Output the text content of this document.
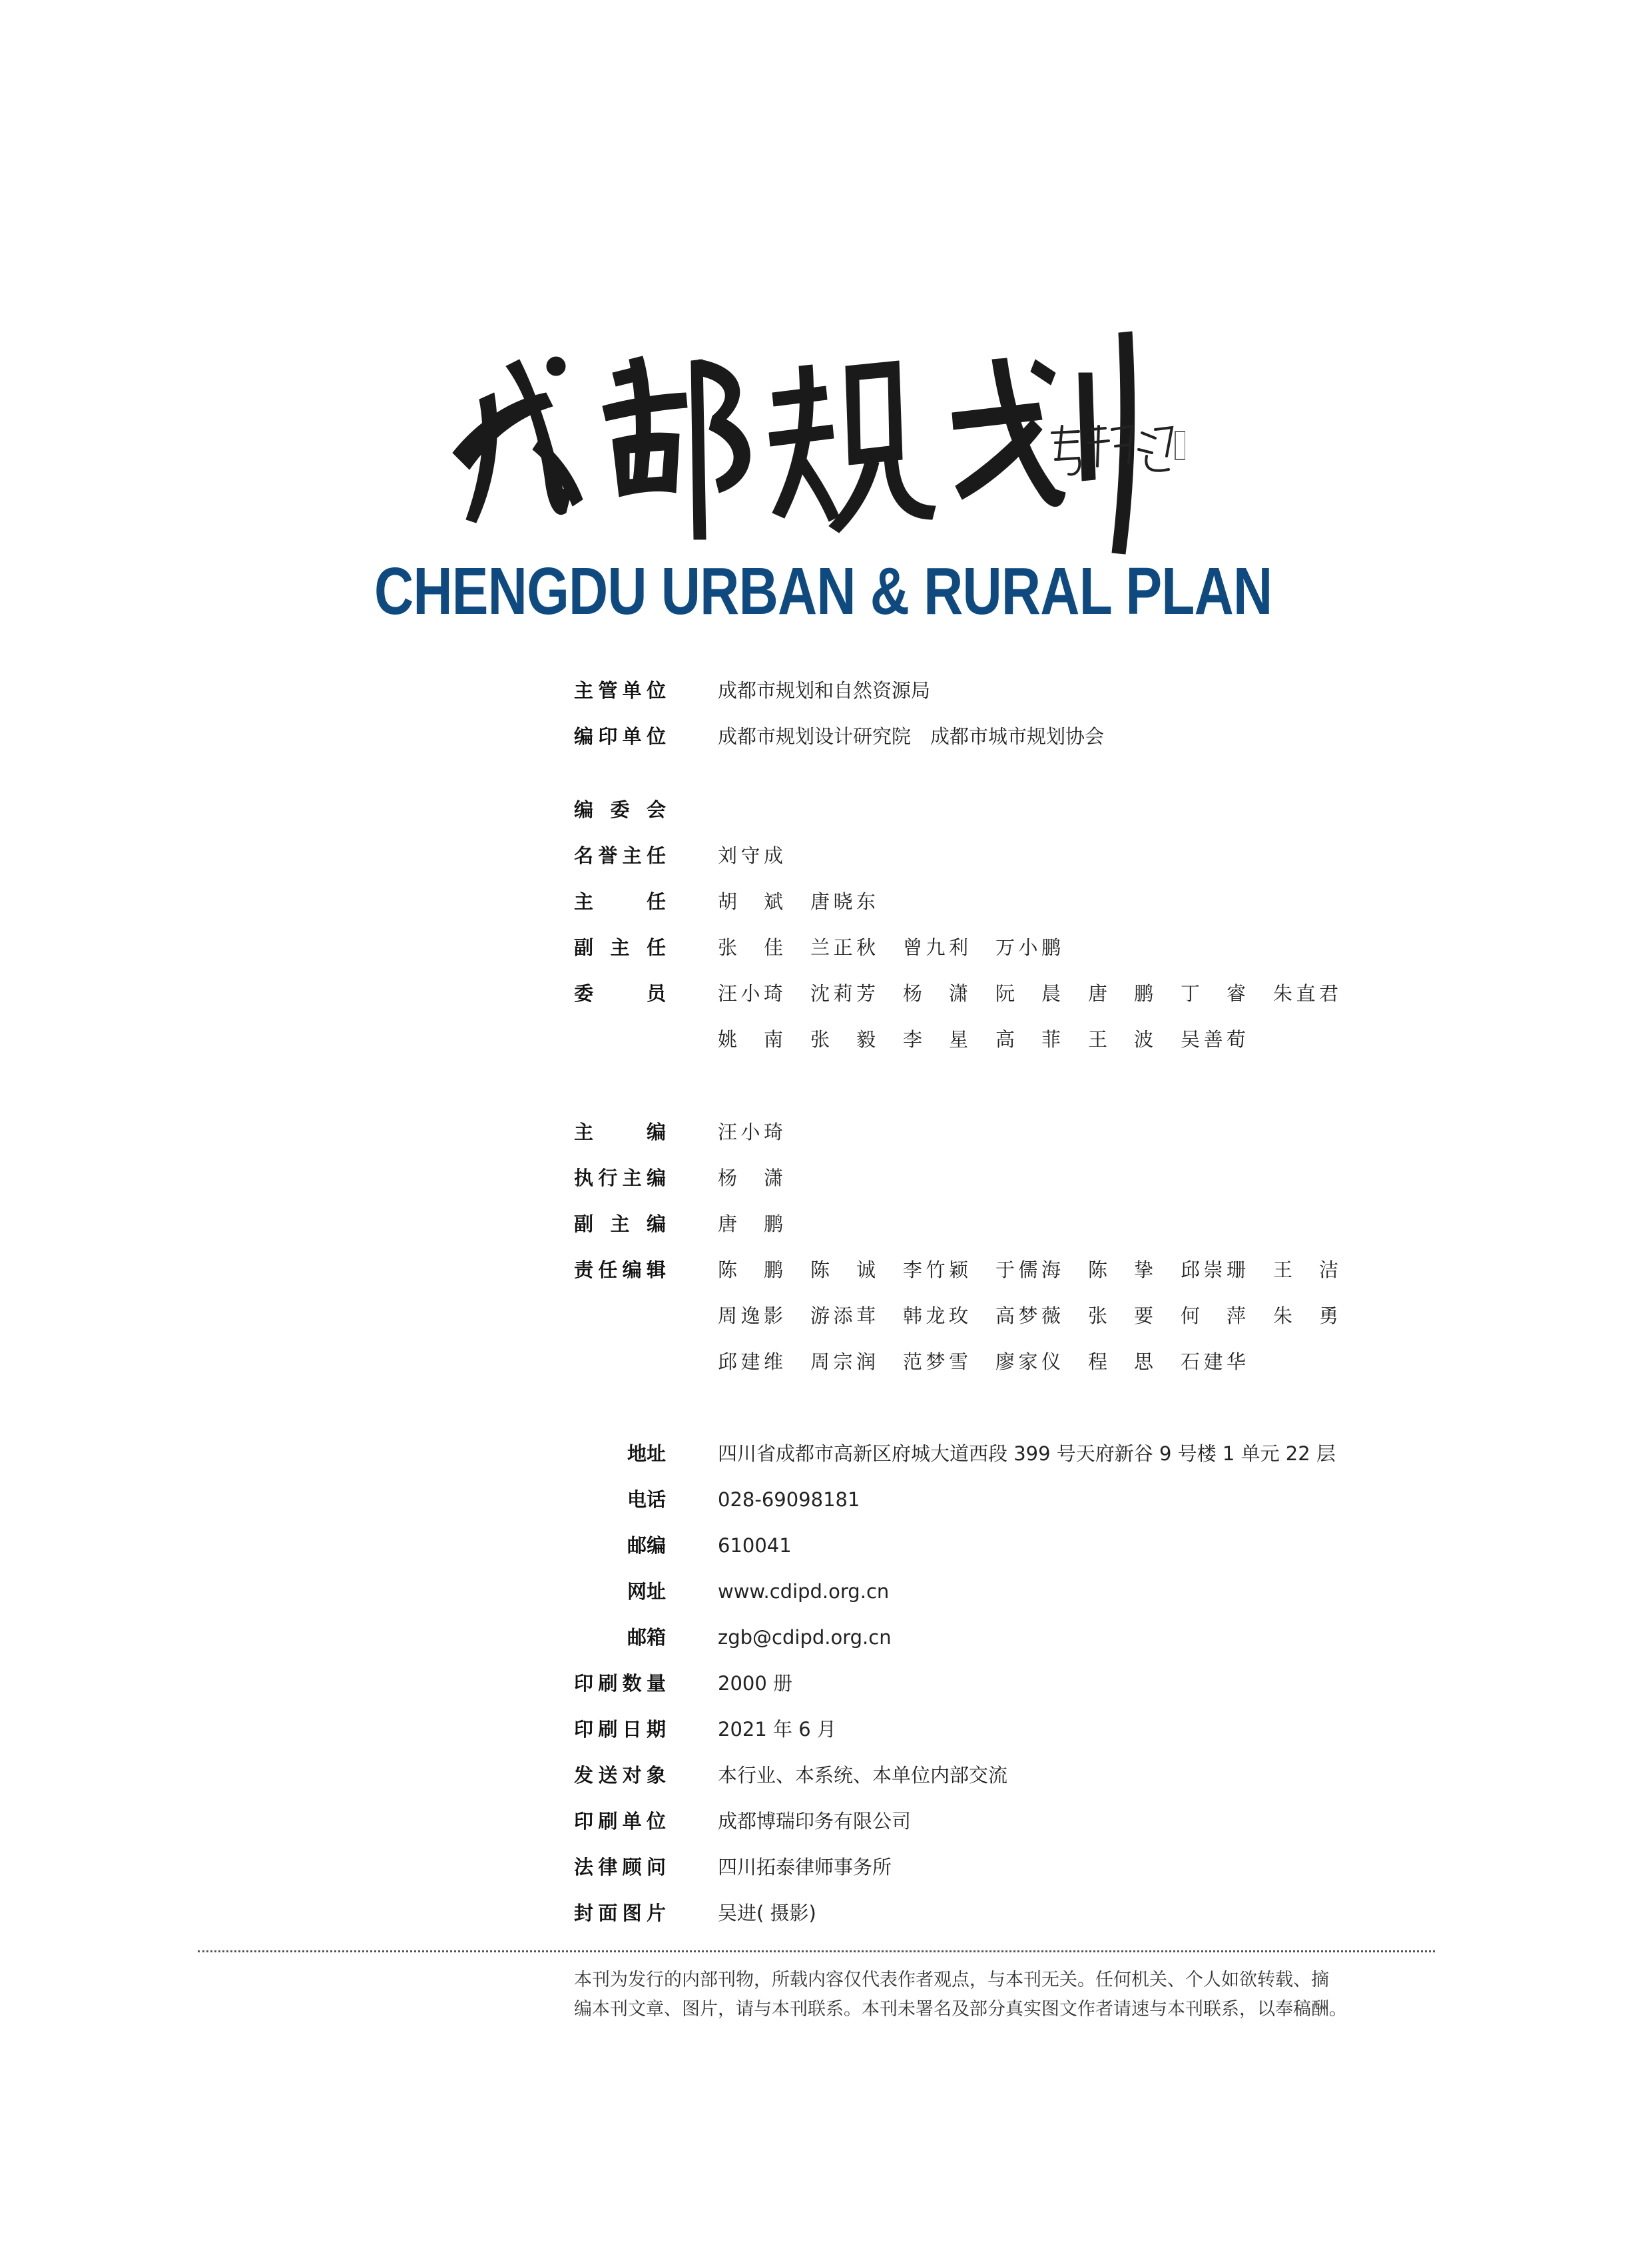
CHENGDU URBAN & RURAL PLAN
主管单位	成都市规划和自然资源局
编印单位	成都市规划设计研究院　成都市城市规划协会
编 委 会
名誉主任	刘守成
主　任	胡　斌 唐晓东
副 主 任	张　佳 兰正秋 曾九利 万小鹏
委　员	汪小琦 沈莉芳 杨　潇 阮　晨 唐　鹏 丁　睿 朱直君
姚　南 张　毅 李　星 高　菲 王　波 吴善荀
主　编	汪小琦
执行主编	杨　潇
副 主 编	唐　鹏
责任编辑	陈　鹏 陈　诚 李竹颖 于儒海 陈　挚 邱崇珊 王　洁
周逸影 游添茸 韩龙玫 高梦薇 张　要 何　萍 朱　勇
邱建维 周宗润 范梦雪 廖家仪 程　思 石建华
地址	四川省成都市高新区府城大道西段 399 号天府新谷 9 号楼 1 单元 22 层
电话	028-69098181
邮编	610041
网址	www.cdipd.org.cn
邮箱	zgb@cdipd.org.cn
印刷数量	2000 册
印刷日期	2021 年 6 月
发送对象	本行业、本系统、本单位内部交流
印刷单位	成都博瑞印务有限公司
法律顾问	四川拓泰律师事务所
封面图片	吴进( 摄影)

本刊为发行的内部刊物，所载内容仅代表作者观点，与本刊无关。任何机关、个人如欲转载、摘

编本刊文章、图片，请与本刊联系。本刊未署名及部分真实图文作者请速与本刊联系，以奉稿酬。
